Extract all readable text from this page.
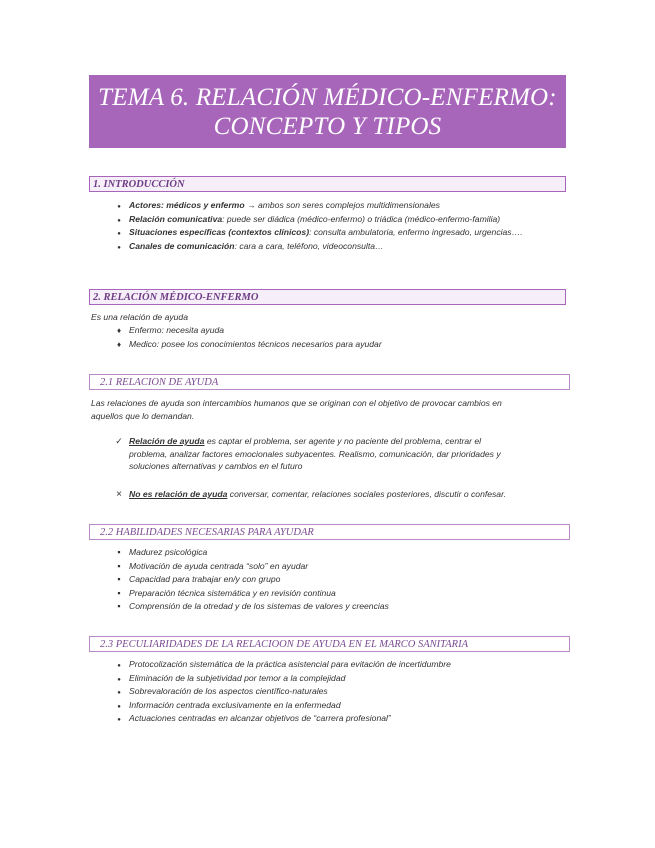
TEMA 6. RELACIÓN MÉDICO-ENFERMO:
CONCEPTO Y TIPOS
1. INTRODUCCIÓN
●
Actores: médicos y enfermo → ambos son seres complejos multidimensionales
●
Relación comunicativa: puede ser diádica (médico-enfermo) o triádica (médico-enfermo-familia)
●
Situaciones específicas (contextos clínicos): consulta ambulatoria, enfermo ingresado, urgencias….
●
Canales de comunicación: cara a cara, teléfono, videoconsulta…
2. RELACIÓN MÉDICO-ENFERMO
Es una relación de ayuda
♦
Enfermo: necesita ayuda
♦
Medico: posee los conocimientos técnicos necesarios para ayudar
2.1 RELACION DE AYUDA
Las relaciones de ayuda son intercambios humanos que se originan con el objetivo de provocar cambios en
aquellos que lo demandan.
✓
Relación de ayuda es captar el problema, ser agente y no paciente del problema, centrar el
problema, analizar factores emocionales subyacentes. Realismo, comunicación, dar prioridades y
soluciones alternativas y cambios en el futuro
×
No es relación de ayuda conversar, comentar, relaciones sociales posteriores, discutir o confesar.
2.2 HABILIDADES NECESARIAS PARA AYUDAR
▪
Madurez psicológica
▪
Motivación de ayuda centrada “solo” en ayudar
▪
Capacidad para trabajar en/y con grupo
▪
Preparación técnica sistemática y en revisión continua
▪
Comprensión de la otredad y de los sistemas de valores y creencias
2.3 PECULIARIDADES DE LA RELACIOON DE AYUDA EN EL MARCO SANITARIA
●
Protocolización sistemática de la práctica asistencial para evitación de incertidumbre
●
Eliminación de la subjetividad por temor a la complejidad
●
Sobrevaloración de los aspectos científico-naturales
●
Información centrada exclusivamente en la enfermedad
●
Actuaciones centradas en alcanzar objetivos de “carrera profesional”
